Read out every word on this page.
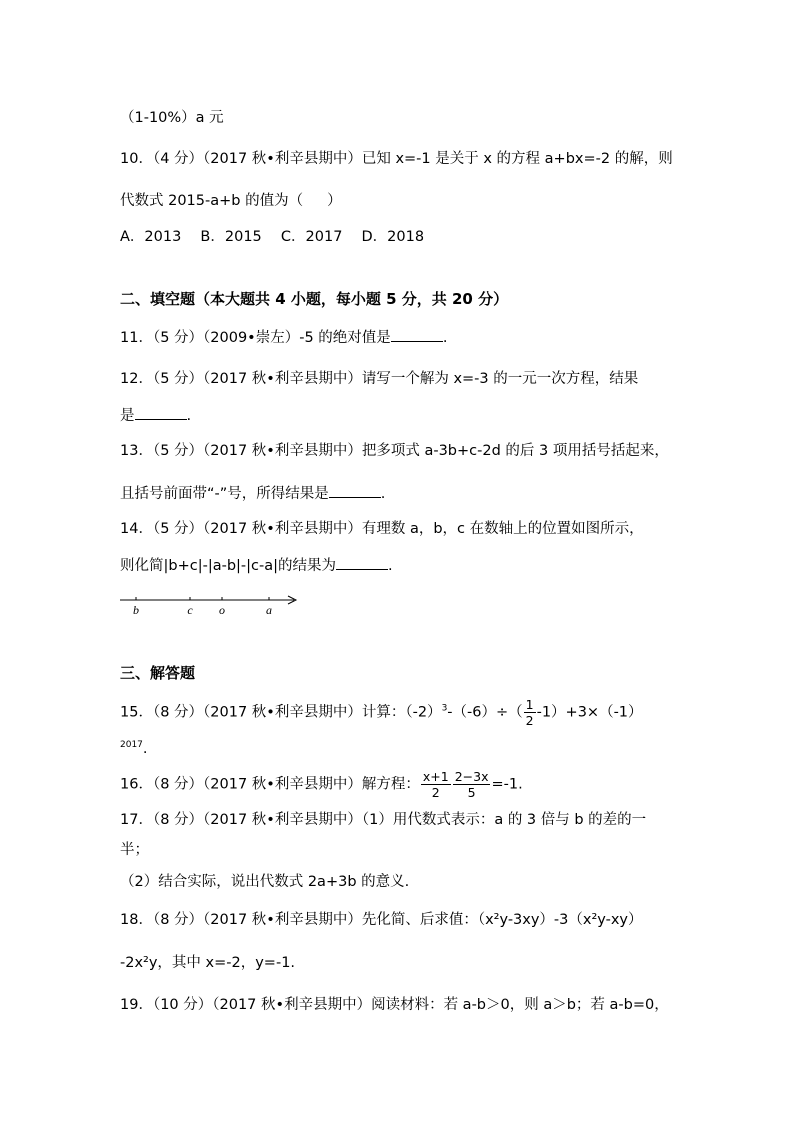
（1-10%）a 元
10．（4 分）（2017 秋•利辛县期中）已知 x=-1 是关于 x 的方程 a+bx=-2 的解，则
代数式 2015-a+b 的值为（ ）
A．2013　 B．2015　 C．2017　 D．2018
二、填空题（本大题共 4 小题，每小题 5 分，共 20 分）
11．（5 分）（2009•崇左）-5 的绝对值是	.
12．（5 分）（2017 秋•利辛县期中）请写一个解为 x=-3 的一元一次方程，结果
是	.
13．（5 分）（2017 秋•利辛县期中）把多项式 a-3b+c-2d 的后 3 项用括号括起来，
且括号前面带“-”号，所得结果是	.
14．（5 分）（2017 秋•利辛县期中）有理数 a，b，c 在数轴上的位置如图所示，
则化简|b+c|-|a-b|-|c-a|的结果为	.
b	c o	a
三、解答题
15．（8 分）（2017 秋•利辛县期中）计算：$(-2)^3-(-6)\div( \frac{1}{2} -1)+3\times(-1)$
$^{2017}$.
16．（8 分）（2017 秋•利辛县期中）解方程： $\frac{x+1}{2} \frac{2-3x}{5} =-1$.
17．（8 分）（2017 秋•利辛县期中）（1）用代数式表示：a 的 3 倍与 b 的差的一
半；
（2）结合实际，说出代数式 2a+3b 的意义.
18．（8 分）（2017 秋•利辛县期中）先化简、后求值：（x²y-3xy）-3（x²y-xy）
-2x²y，其中 x=-2，y=-1.
19．（10 分）（2017 秋•利辛县期中）阅读材料：若 a-b＞0，则 a＞b；若 a-b=0，
